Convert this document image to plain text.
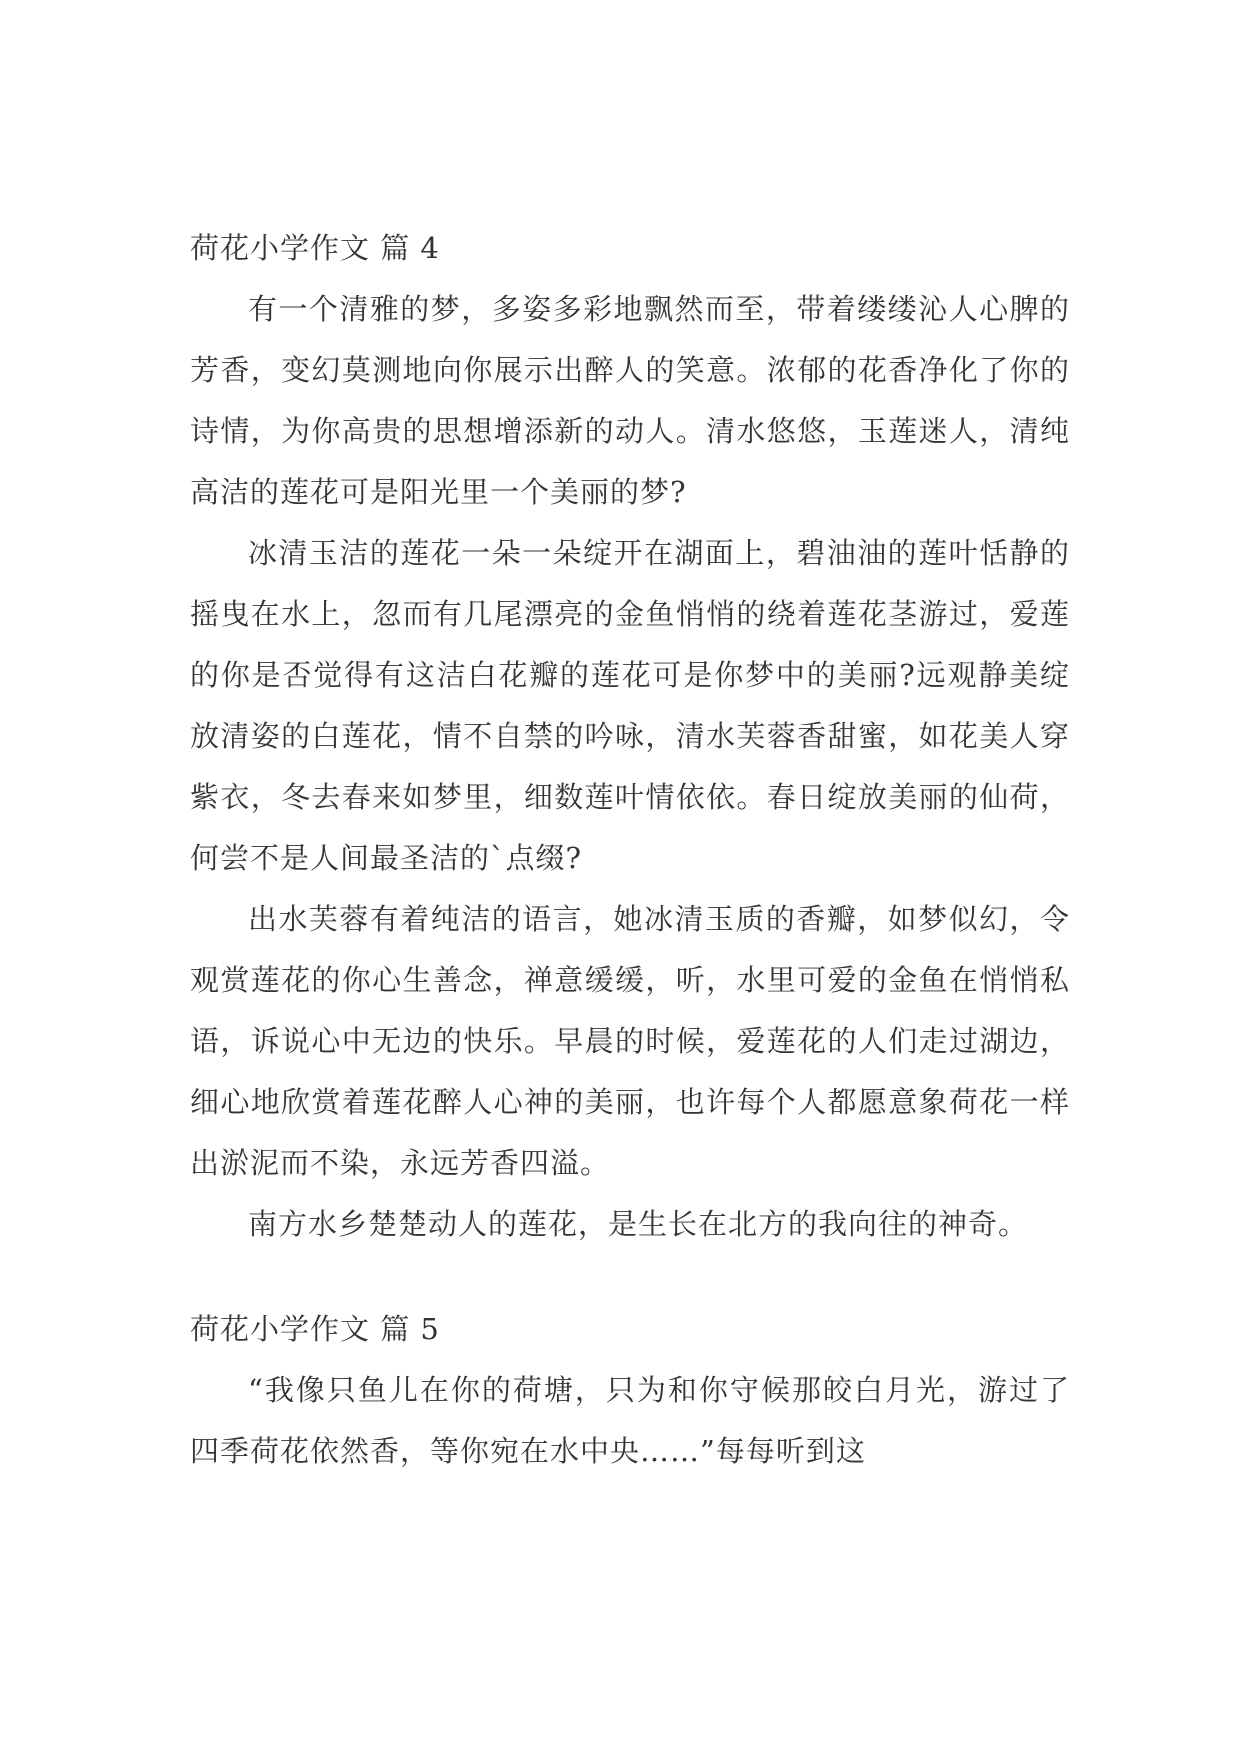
荷花小学作文 篇 4

有一个清雅的梦，多姿多彩地飘然而至，带着缕缕沁人心脾的芳香，变幻莫测地向你展示出醉人的笑意。浓郁的花香净化了你的诗情，为你高贵的思想增添新的动人。清水悠悠，玉莲迷人，清纯高洁的莲花可是阳光里一个美丽的梦?

冰清玉洁的莲花一朵一朵绽开在湖面上，碧油油的莲叶恬静的摇曳在水上，忽而有几尾漂亮的金鱼悄悄的绕着莲花茎游过，爱莲的你是否觉得有这洁白花瓣的莲花可是你梦中的美丽?远观静美绽放清姿的白莲花，情不自禁的吟咏，清水芙蓉香甜蜜，如花美人穿紫衣，冬去春来如梦里，细数莲叶情依依。春日绽放美丽的仙荷，何尝不是人间最圣洁的`点缀?

出水芙蓉有着纯洁的语言，她冰清玉质的香瓣，如梦似幻，令观赏莲花的你心生善念，禅意缓缓，听，水里可爱的金鱼在悄悄私语，诉说心中无边的快乐。早晨的时候，爱莲花的人们走过湖边，细心地欣赏着莲花醉人心神的美丽，也许每个人都愿意象荷花一样出淤泥而不染，永远芳香四溢。

南方水乡楚楚动人的莲花，是生长在北方的我向往的神奇。

荷花小学作文 篇 5

“我像只鱼儿在你的荷塘，只为和你守候那皎白月光，游过了四季荷花依然香，等你宛在水中央……”每每听到这
